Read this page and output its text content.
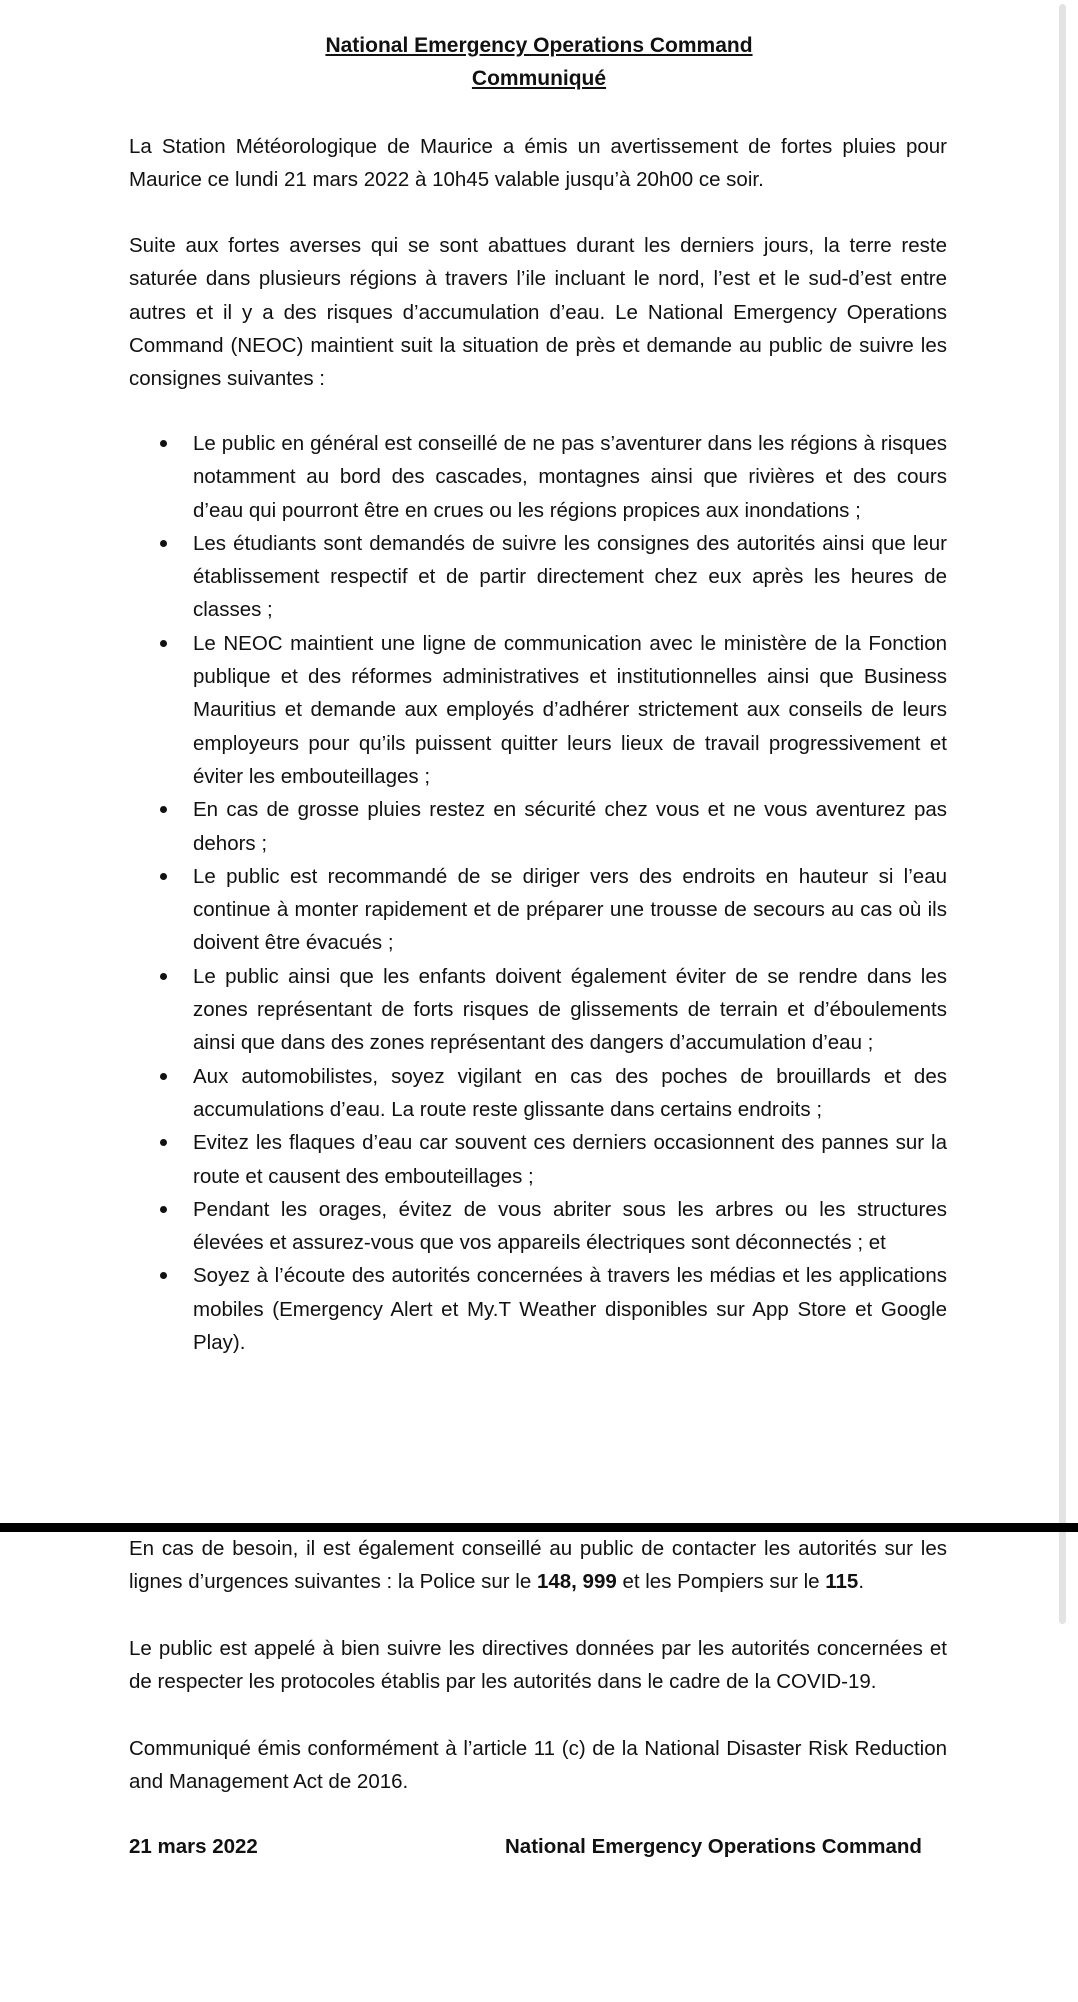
National Emergency Operations Command
Communiqué

La Station Météorologique de Maurice a émis un avertissement de fortes pluies pour Maurice ce lundi 21 mars 2022 à 10h45 valable jusqu’à 20h00 ce soir.

Suite aux fortes averses qui se sont abattues durant les derniers jours, la terre reste saturée dans plusieurs régions à travers l’ile incluant le nord, l’est et le sud-d’est entre autres et il y a des risques d’accumulation d’eau. Le National Emergency Operations Command (NEOC) maintient suit la situation de près et demande au public de suivre les consignes suivantes :

Le public en général est conseillé de ne pas s’aventurer dans les régions à risques notamment au bord des cascades, montagnes ainsi que rivières et des cours d’eau qui pourront être en crues ou les régions propices aux inondations ;
Les étudiants sont demandés de suivre les consignes des autorités ainsi que leur établissement respectif et de partir directement chez eux après les heures de classes ;
Le NEOC maintient une ligne de communication avec le ministère de la Fonction publique et des réformes administratives et institutionnelles ainsi que Business Mauritius et demande aux employés d’adhérer strictement aux conseils de leurs employeurs pour qu’ils puissent quitter leurs lieux de travail progressivement et éviter les embouteillages ;
En cas de grosse pluies restez en sécurité chez vous et ne vous aventurez pas dehors ;
Le public est recommandé de se diriger vers des endroits en hauteur si l’eau continue à monter rapidement et de préparer une trousse de secours au cas où ils doivent être évacués ;
Le public ainsi que les enfants doivent également éviter de se rendre dans les zones représentant de forts risques de glissements de terrain et d’éboulements ainsi que dans des zones représentant des dangers d’accumulation d’eau ;
Aux automobilistes, soyez vigilant en cas des poches de brouillards et des accumulations d’eau. La route reste glissante dans certains endroits ;
Evitez les flaques d’eau car souvent ces derniers occasionnent des pannes sur la route et causent des embouteillages ;
Pendant les orages, évitez de vous abriter sous les arbres ou les structures élevées et assurez-vous que vos appareils électriques sont déconnectés ; et
Soyez à l’écoute des autorités concernées à travers les médias et les applications mobiles (Emergency Alert et My.T Weather disponibles sur App Store et Google Play).

En cas de besoin, il est également conseillé au public de contacter les autorités sur les lignes d’urgences suivantes : la Police sur le 148, 999 et les Pompiers sur le 115.

Le public est appelé à bien suivre les directives données par les autorités concernées et de respecter les protocoles établis par les autorités dans le cadre de la COVID-19.

Communiqué émis conformément à l’article 11 (c) de la National Disaster Risk Reduction and Management Act de 2016.

21 mars 2022	National Emergency Operations Command
